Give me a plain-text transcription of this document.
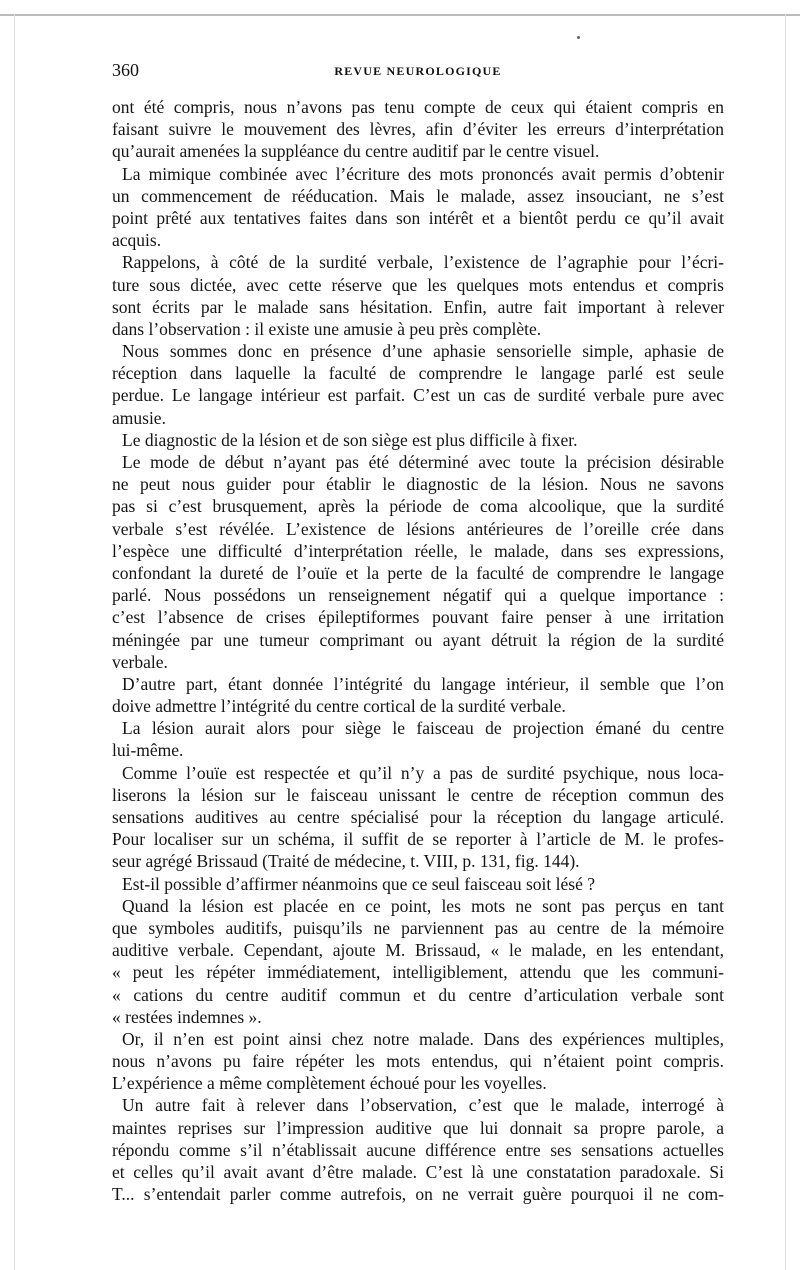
360	REVUE NEUROLOGIQUE
ont été compris, nous n’avons pas tenu compte de ceux qui étaient compris en
faisant suivre le mouvement des lèvres, afin d’éviter les erreurs d’interprétation
qu’aurait amenées la suppléance du centre auditif par le centre visuel.
La mimique combinée avec l’écriture des mots prononcés avait permis d’obtenir
un commencement de rééducation. Mais le malade, assez insouciant, ne s’est
point prêté aux tentatives faites dans son intérêt et a bientôt perdu ce qu’il avait
acquis.
Rappelons, à côté de la surdité verbale, l’existence de l’agraphie pour l’écri-
ture sous dictée, avec cette réserve que les quelques mots entendus et compris
sont écrits par le malade sans hésitation. Enfin, autre fait important à relever
dans l’observation : il existe une amusie à peu près complète.
Nous sommes donc en présence d’une aphasie sensorielle simple, aphasie de
réception dans laquelle la faculté de comprendre le langage parlé est seule
perdue. Le langage intérieur est parfait. C’est un cas de surdité verbale pure avec
amusie.
Le diagnostic de la lésion et de son siège est plus difficile à fixer.
Le mode de début n’ayant pas été déterminé avec toute la précision désirable
ne peut nous guider pour établir le diagnostic de la lésion. Nous ne savons
pas si c’est brusquement, après la période de coma alcoolique, que la surdité
verbale s’est révélée. L’existence de lésions antérieures de l’oreille crée dans
l’espèce une difficulté d’interprétation réelle, le malade, dans ses expressions,
confondant la dureté de l’ouïe et la perte de la faculté de comprendre le langage
parlé. Nous possédons un renseignement négatif qui a quelque importance :
c’est l’absence de crises épileptiformes pouvant faire penser à une irritation
méningée par une tumeur comprimant ou ayant détruit la région de la surdité
verbale.
D’autre part, étant donnée l’intégrité du langage intérieur, il semble que l’on
doive admettre l’intégrité du centre cortical de la surdité verbale.
La lésion aurait alors pour siège le faisceau de projection émané du centre
lui-même.
Comme l’ouïe est respectée et qu’il n’y a pas de surdité psychique, nous loca-
liserons la lésion sur le faisceau unissant le centre de réception commun des
sensations auditives au centre spécialisé pour la réception du langage articulé.
Pour localiser sur un schéma, il suffit de se reporter à l’article de M. le profes-
seur agrégé Brissaud (Traité de médecine, t. VIII, p. 131, fig. 144).
Est-il possible d’affirmer néanmoins que ce seul faisceau soit lésé ?
Quand la lésion est placée en ce point, les mots ne sont pas perçus en tant
que symboles auditifs, puisqu’ils ne parviennent pas au centre de la mémoire
auditive verbale. Cependant, ajoute M. Brissaud, « le malade, en les entendant,
« peut les répéter immédiatement, intelligiblement, attendu que les communi-
« cations du centre auditif commun et du centre d’articulation verbale sont
« restées indemnes ».
Or, il n’en est point ainsi chez notre malade. Dans des expériences multiples,
nous n’avons pu faire répéter les mots entendus, qui n’étaient point compris.
L’expérience a même complètement échoué pour les voyelles.
Un autre fait à relever dans l’observation, c’est que le malade, interrogé à
maintes reprises sur l’impression auditive que lui donnait sa propre parole, a
répondu comme s’il n’établissait aucune différence entre ses sensations actuelles
et celles qu’il avait avant d’être malade. C’est là une constatation paradoxale. Si
T... s’entendait parler comme autrefois, on ne verrait guère pourquoi il ne com-
